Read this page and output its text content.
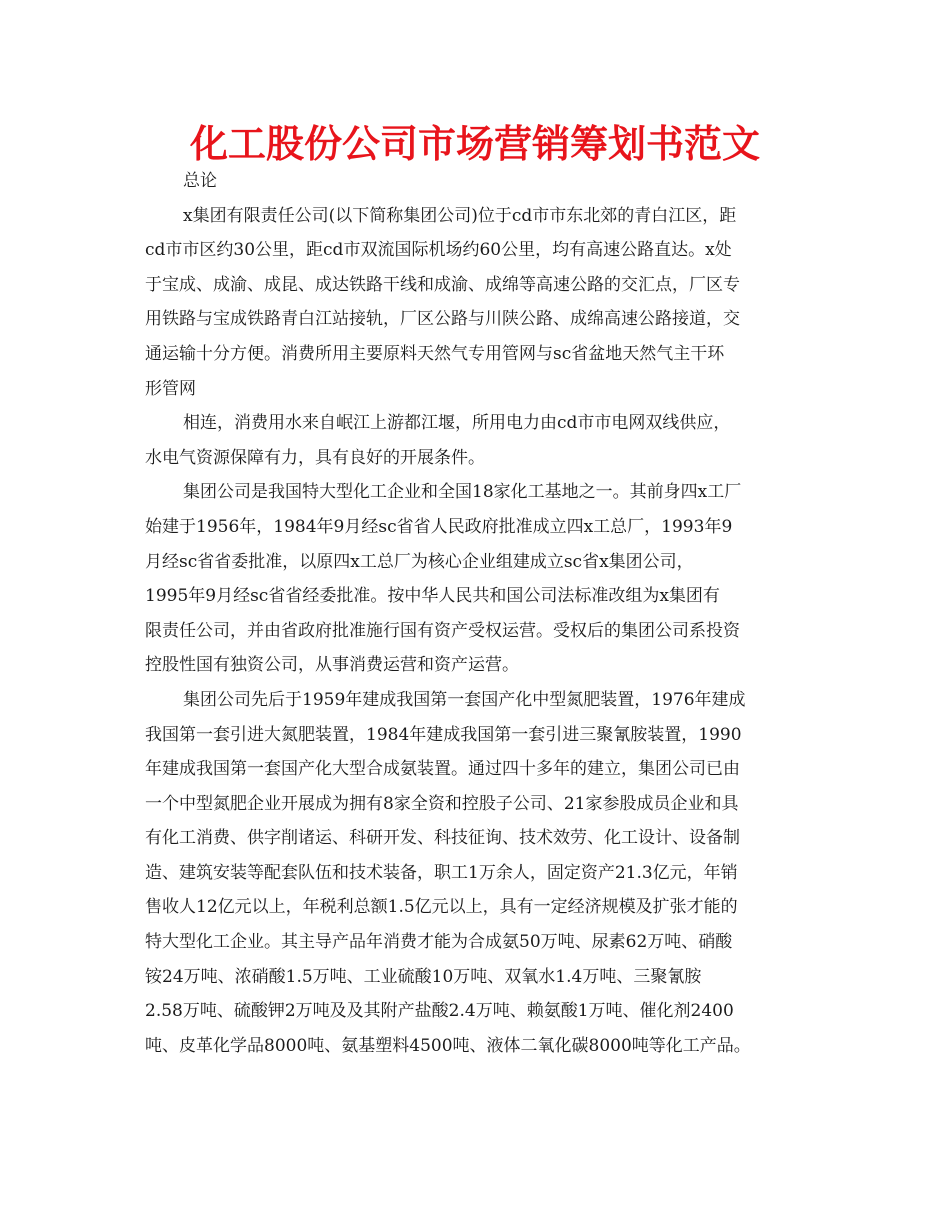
化工股份公司市场营销筹划书范文
总论
x集团有限责任公司(以下简称集团公司)位于cd市市东北郊的青白江区，距
cd市市区约30公里，距cd市双流国际机场约60公里，均有高速公路直达。x处
于宝成、成渝、成昆、成达铁路干线和成渝、成绵等高速公路的交汇点，厂区专
用铁路与宝成铁路青白江站接轨，厂区公路与川陕公路、成绵高速公路接道，交
通运输十分方便。消费所用主要原料天然气专用管网与sc省盆地天然气主干环
形管网
相连，消费用水来自岷江上游都江堰，所用电力由cd市市电网双线供应，
水电气资源保障有力，具有良好的开展条件。
集团公司是我国特大型化工企业和全国18家化工基地之一。其前身四x工厂
始建于1956年，1984年9月经sc省省人民政府批准成立四x工总厂，1993年9
月经sc省省委批准，以原四x工总厂为核心企业组建成立sc省x集团公司，
1995年9月经sc省省经委批准。按中华人民共和国公司法标准改组为x集团有
限责任公司，并由省政府批准施行国有资产受权运营。受权后的集团公司系投资
控股性国有独资公司，从事消费运营和资产运营。
集团公司先后于1959年建成我国第一套国产化中型氮肥装置，1976年建成
我国第一套引进大氮肥装置，1984年建成我国第一套引进三聚氰胺装置，1990
年建成我国第一套国产化大型合成氨装置。通过四十多年的建立，集团公司已由
一个中型氮肥企业开展成为拥有8家全资和控股子公司、21家参股成员企业和具
有化工消费、供字削诸运、科研开发、科技征询、技术效劳、化工设计、设备制
造、建筑安装等配套队伍和技术装备，职工1万余人，固定资产21.3亿元，年销
售收人12亿元以上，年税利总额1.5亿元以上，具有一定经济规模及扩张才能的
特大型化工企业。其主导产品年消费才能为合成氨50万吨、尿素62万吨、硝酸
铵24万吨、浓硝酸1.5万吨、工业硫酸10万吨、双氧水1.4万吨、三聚氰胺
2.58万吨、硫酸钾2万吨及及其附产盐酸2.4万吨、赖氨酸1万吨、催化剂2400
吨、皮革化学品8000吨、氨基塑料4500吨、液体二氧化碳8000吨等化工产品。
